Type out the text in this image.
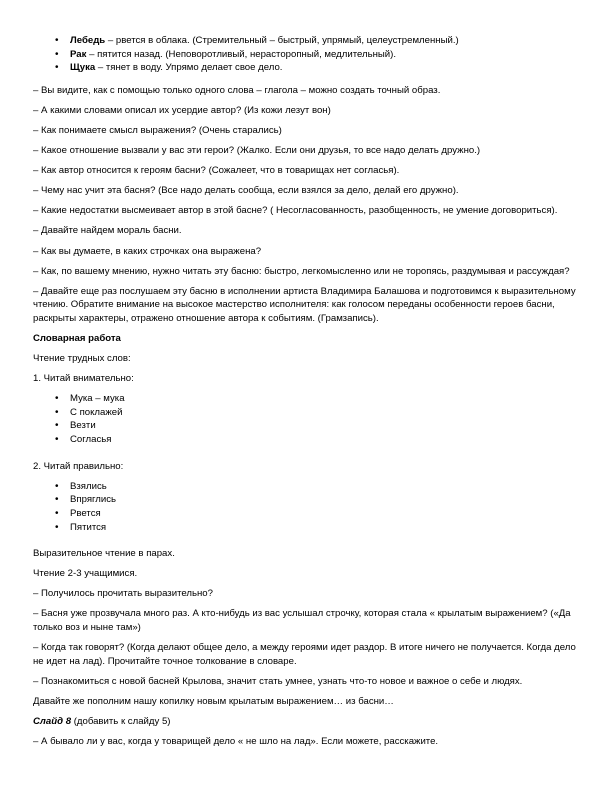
• Лебедь – рвется в облака. (Стремительный – быстрый, упрямый, целеустремленный.)
• Рак – пятится назад. (Неповоротливый, нерасторопный, медлительный).
• Щука – тянет в воду. Упрямо делает свое дело.

– Вы видите, как с помощью только одного слова – глагола – можно создать точный образ.

– А какими словами описал их усердие автор? (Из кожи лезут вон)

– Как понимаете смысл выражения? (Очень старались)

– Какое отношение вызвали у вас эти герои? (Жалко. Если они друзья, то все надо делать дружно.)

– Как автор относится к героям басни? (Сожалеет, что в товарищах нет согласья).

– Чему нас учит эта басня? (Все надо делать сообща, если взялся за дело, делай его дружно).

– Какие недостатки высмеивает автор в этой басне? ( Несогласованность, разобщенность, не умение договориться).

– Давайте найдем мораль басни.

– Как вы думаете, в каких строчках она выражена?

– Как, по вашему мнению, нужно читать эту басню: быстро, легкомысленно или не торопясь, раздумывая и рассуждая?

– Давайте еще раз послушаем эту басню в исполнении артиста Владимира Балашова и подготовимся к выразительному чтению. Обратите внимание на высокое мастерство исполнителя: как голосом переданы особенности героев басни, раскрыты характеры, отражено отношение автора к событиям. (Грамзапись).

Словарная работа

Чтение трудных слов:

1. Читай внимательно:

• Мука – мука
• С поклажей
• Везти
• Согласья

2. Читай правильно:

• Взялись
• Впряглись
• Рвется
• Пятится

Выразительное чтение в парах.

Чтение 2-3 учащимися.

– Получилось прочитать выразительно?

– Басня уже прозвучала много раз. А кто-нибудь из вас услышал строчку, которая стала « крылатым выражением? («Да только воз и ныне там»)

– Когда так говорят? (Когда делают общее дело, а между героями идет раздор. В итоге ничего не получается. Когда дело не идет на лад). Прочитайте точное толкование в словаре.

– Познакомиться с новой басней Крылова, значит стать умнее, узнать что-то новое и важное о себе и людях.

Давайте же пополним нашу копилку новым крылатым выражением… из басни…

Слайд 8 (добавить к слайду 5)

– А бывало ли у вас, когда у товарищей дело « не шло на лад». Если можете, расскажите.
